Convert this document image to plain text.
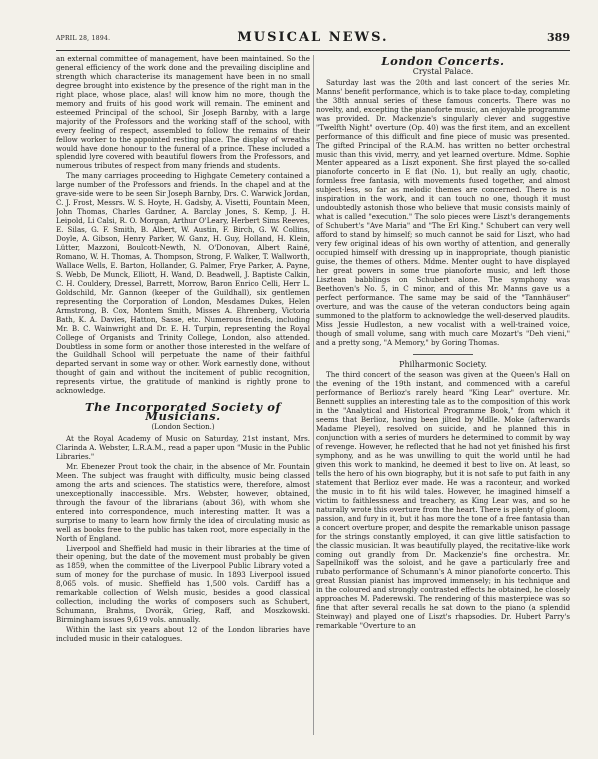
APRIL 28, 1894.	MUSICAL NEWS.	389

an external committee of management, have been maintained. So the general efficiency of the work done and the prevailing discipline and strength which characterise its management have been in no small degree brought into existence by the presence of the right man in the right place, whose place, alas! will know him no more, though the memory and fruits of his good work will remain. The eminent and esteemed Principal of the school, Sir Joseph Barnby, with a large majority of the Professors and the working staff of the school, with every feeling of respect, assembled to follow the remains of their fellow worker to the appointed resting place. The display of wreaths would have done honour to the funeral of a prince. These included a splendid lyre covered with beautiful flowers from the Professors, and numerous tributes of respect from many friends and students.

The many carriages proceeding to Highgate Cemetery contained a large number of the Professors and friends. In the chapel and at the grave-side were to be seen Sir Joseph Barnby, Drs. C. Warwick Jordan, C. J. Frost, Messrs. W. S. Hoyte, H. Gadsby, A. Visetti, Fountain Meen, John Thomas, Charles Gardner, A. Barclay Jones, S. Kemp, J. H. Leipold, Li Calsi, R. O. Morgan, Arthur O'Leary, Herbert Sims Reeves, E. Silas, G. F. Smith, B. Albert, W. Austin, F. Birch, G. W. Collins, Doyle, A. Gibson, Henry Parker, W. Ganz, H. Guy, Holland, H. Klein, Lütter, Mazzoni, Boulcott-Newth, N. O'Donovan, Albert Rainé, Romano, W. H. Thomas, A. Thompson, Strong, F. Walker, T. Wallworth, Wallace Wells, E. Barton, Hollander, G. Palmer, Frye Parker, A. Payne, S. Webb, De Munck, Elliott, H. Wand, D. Beadwell, J. Baptiste Calkin, C. H. Couldery, Dressel, Barrett, Morrow, Baron Enrico Celli, Herr L. Goldschild, Mr. Gannon (keeper of the Guildhall), six gentlemen representing the Corporation of London, Mesdames Dukes, Helen Armstrong, B. Cox, Montem Smith, Misses A. Ehrenberg, Victoria Bath, K. A. Davies, Hatton, Sasse, etc. Numerous friends, including Mr. B. C. Wainwright and Dr. E. H. Turpin, representing the Royal College of Organists and Trinity College, London, also attended. Doubtless in some form or another those interested in the welfare of the Guildhall School will perpetuate the name of their faithful departed servant in some way or other. Work earnestly done, without thought of gain and without the incitement of public recognition, represents virtue, the gratitude of mankind is rightly prone to acknowledge.

The Incorporated Society of Musicians.
(London Section.)

At the Royal Academy of Music on Saturday, 21st instant, Mrs. Clarinda A. Webster, L.R.A.M., read a paper upon "Music in the Public Libraries."

Mr. Ebenezer Prout took the chair, in the absence of Mr. Fountain Meen. The subject was fraught with difficulty, music being classed among the arts and sciences. The statistics were, therefore, almost unexceptionally inaccessible. Mrs. Webster, however, obtained, through the favour of the librarians (about 36), with whom she entered into correspondence, much interesting matter. It was a surprise to many to learn how firmly the idea of circulating music as well as books free to the public has taken root, more especially in the North of England.

Liverpool and Sheffield had music in their libraries at the time of their opening, but the date of the movement must probably be given as 1859, when the committee of the Liverpool Public Library voted a sum of money for the purchase of music. In 1893 Liverpool issued 8,065 vols. of music. Sheffield has 1,500 vols. Cardiff has a remarkable collection of Welsh music, besides a good classical collection, including the works of composers such as Schubert, Schumann, Brahms, Dvorák, Grieg, Raff, and Moszkowski. Birmingham issues 9,619 vols. annually.

Within the last six years about 12 of the London libraries have included music in their catalogues.

London Concerts.
Crystal Palace.

Saturday last was the 20th and last concert of the series Mr. Manns' benefit performance, which is to take place to-day, completing the 38th annual series of these famous concerts. There was no novelty, and, excepting the pianoforte music, an enjoyable programme was provided. Dr. Mackenzie's singularly clever and suggestive "Twelfth Night" overture (Op. 40) was the first item, and an excellent performance of this difficult and fine piece of music was presented. The gifted Principal of the R.A.M. has written no better orchestral music than this vivid, merry, and yet learned overture. Mdme. Sophie Menter appeared as a Liszt exponent. She first played the so-called pianoforte concerto in E flat (No. 1), but really an ugly, chaotic, formless free fantasia, with movements fused together, and almost subject-less, so far as melodic themes are concerned. There is no inspiration in the work, and it can touch no one, though it must undoubtedly astonish those who believe that music consists mainly of what is called "execution." The solo pieces were Liszt's derangements of Schubert's "Ave Maria" and "The Erl King." Schubert can very well afford to stand by himself; so much cannot be said for Liszt, who had very few original ideas of his own worthy of attention, and generally occupied himself with dressing up in inappropriate, though pianistic guise, the themes of others. Mdme. Menter ought to have displayed her great powers in some true pianoforte music, and left those Lisztean babblings on Schubert alone. The symphony was Beethoven's No. 5, in C minor, and of this Mr. Manns gave us a perfect performance. The same may be said of the "Tannhäuser" overture, and was the cause of the veteran conductors being again summoned to the platform to acknowledge the well-deserved plaudits. Miss Jessie Hudleston, a new vocalist with a well-trained voice, though of small volume, sang with much care Mozart's "Deh vieni," and a pretty song, "A Memory," by Goring Thomas.

Philharmonic Society.

The third concert of the season was given at the Queen's Hall on the evening of the 19th instant, and commenced with a careful performance of Berlioz's rarely heard "King Lear" overture. Mr. Bennett supplies an interesting tale as to the composition of this work in the "Analytical and Historical Programme Book," from which it seems that Berlioz, having been jilted by Mdlle. Moke (afterwards Madame Pleyel), resolved on suicide, and he planned this in conjunction with a series of murders he determined to commit by way of revenge. However, he reflected that he had not yet finished his first symphony, and as he was unwilling to quit the world until he had given this work to mankind, he deemed it best to live on. At least, so tells the hero of his own biography, but it is not safe to put faith in any statement that Berlioz ever made. He was a raconteur, and worked the music in to fit his wild tales. However, he imagined himself a victim to faithlessness and treachery, as King Lear was, and so he naturally wrote this overture from the heart. There is plenty of gloom, passion, and fury in it, but it has more the tone of a free fantasia than a concert overture proper, and despite the remarkable unison passage for the strings constantly employed, it can give little satisfaction to the classic musician. It was beautifully played, the recitative-like work coming out grandly from Dr. Mackenzie's fine orchestra. Mr. Sapellnikoff was the soloist, and he gave a particularly free and rubato performance of Schumann's A minor pianoforte concerto. This great Russian pianist has improved immensely; in his technique and in the coloured and strongly contrasted effects he obtained, he closely approaches M. Paderewski. The rendering of this masterpiece was so fine that after several recalls he sat down to the piano (a splendid Steinway) and played one of Liszt's rhapsodies. Dr. Hubert Parry's remarkable "Overture to an
